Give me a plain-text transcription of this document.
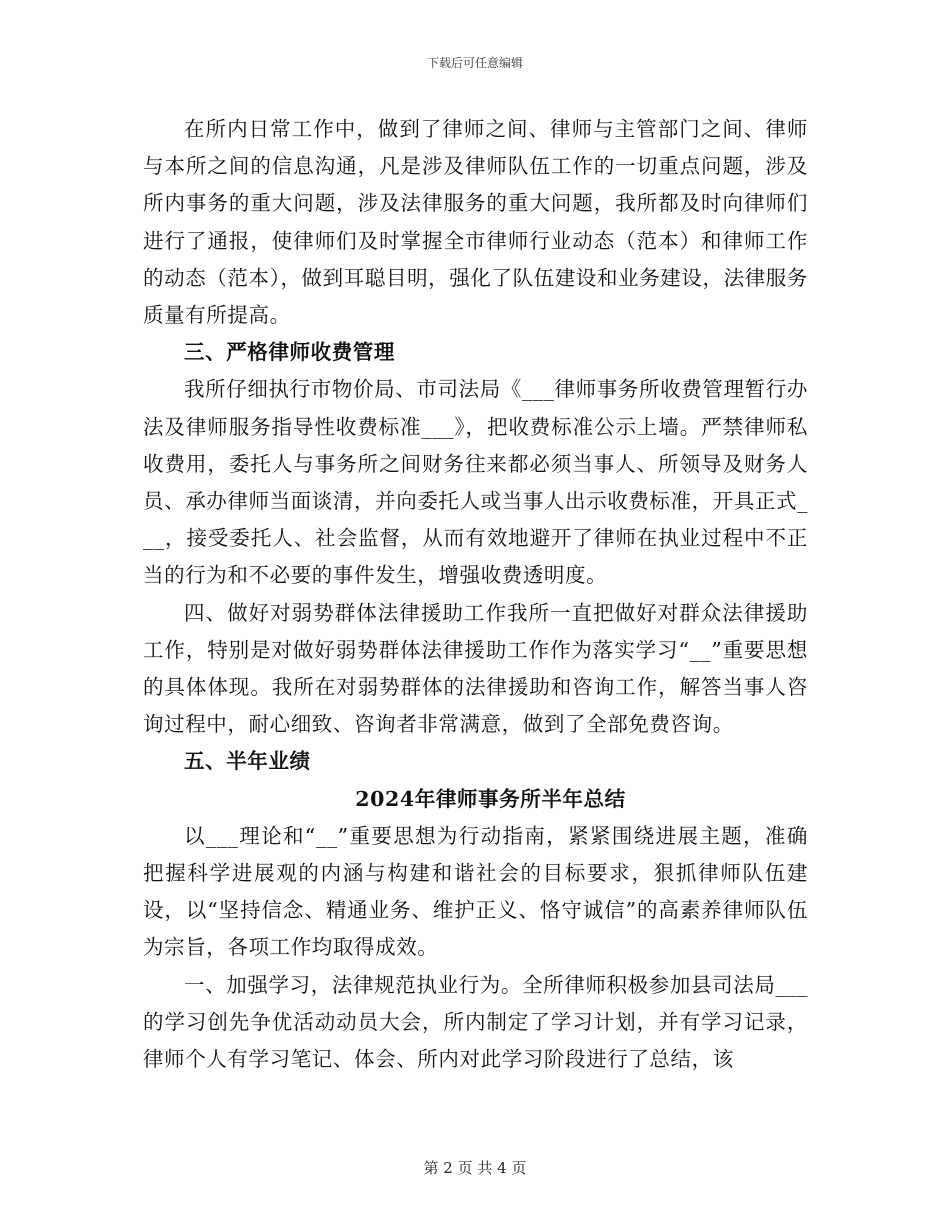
下载后可任意编辑

在所内日常工作中，做到了律师之间、律师与主管部门之间、律师与本所之间的信息沟通，凡是涉及律师队伍工作的一切重点问题，涉及所内事务的重大问题，涉及法律服务的重大问题，我所都及时向律师们进行了通报，使律师们及时掌握全市律师行业动态（范本）和律师工作的动态（范本），做到耳聪目明，强化了队伍建设和业务建设，法律服务质量有所提高。

三、严格律师收费管理

我所仔细执行市物价局、市司法局《___律师事务所收费管理暂行办法及律师服务指导性收费标准___》，把收费标准公示上墙。严禁律师私收费用，委托人与事务所之间财务往来都必须当事人、所领导及财务人员、承办律师当面谈清，并向委托人或当事人出示收费标准，开具正式___，接受委托人、社会监督，从而有效地避开了律师在执业过程中不正当的行为和不必要的事件发生，增强收费透明度。

四、做好对弱势群体法律援助工作我所一直把做好对群众法律援助工作，特别是对做好弱势群体法律援助工作作为落实学习“__”重要思想的具体体现。我所在对弱势群体的法律援助和咨询工作，解答当事人咨询过程中，耐心细致、咨询者非常满意，做到了全部免费咨询。

五、半年业绩

2024年律师事务所半年总结

以___理论和“__”重要思想为行动指南，紧紧围绕进展主题，准确把握科学进展观的内涵与构建和谐社会的目标要求，狠抓律师队伍建设，以“坚持信念、精通业务、维护正义、恪守诚信”的高素养律师队伍为宗旨，各项工作均取得成效。

一、加强学习，法律规范执业行为。全所律师积极参加县司法局___的学习创先争优活动动员大会，所内制定了学习计划，并有学习记录，律师个人有学习笔记、体会、所内对此学习阶段进行了总结，该

第 2 页 共 4 页
